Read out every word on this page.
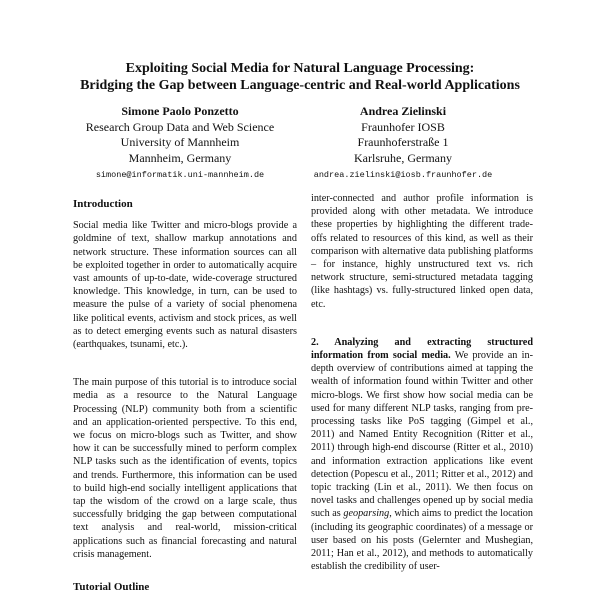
Exploiting Social Media for Natural Language Processing:
Bridging the Gap between Language-centric and Real-world Applications
Simone Paolo Ponzetto
Research Group Data and Web Science
University of Mannheim
Mannheim, Germany
simone@informatik.uni-mannheim.de
Andrea Zielinski
Fraunhofer IOSB
Fraunhoferstraße 1
Karlsruhe, Germany
andrea.zielinski@iosb.fraunhofer.de
Introduction

Social media like Twitter and micro-blogs provide a goldmine of text, shallow markup annotations and network structure. These information sources can all be exploited together in order to automatically acquire vast amounts of up-to-date, wide-coverage structured knowledge. This knowledge, in turn, can be used to measure the pulse of a variety of social phenomena like political events, activism and stock prices, as well as to detect emerging events such as natural disasters (earthquakes, tsunami, etc.).

The main purpose of this tutorial is to introduce social media as a resource to the Natural Language Processing (NLP) community both from a scientific and an application-oriented perspective. To this end, we focus on micro-blogs such as Twitter, and show how it can be successfully mined to perform complex NLP tasks such as the identification of events, topics and trends. Furthermore, this information can be used to build high-end socially intelligent applications that tap the wisdom of the crowd on a large scale, thus successfully bridging the gap between computational text analysis and real-world, mission-critical applications such as financial forecasting and natural crisis management.

Tutorial Outline

inter-connected and author profile information is provided along with other metadata. We introduce these properties by highlighting the different trade-offs related to resources of this kind, as well as their comparison with alternative data publishing platforms – for instance, highly unstructured text vs. rich network structure, semi-structured metadata tagging (like hashtags) vs. fully-structured linked open data, etc.

2. Analyzing and extracting structured information from social media. We provide an in-depth overview of contributions aimed at tapping the wealth of information found within Twitter and other micro-blogs. We first show how social media can be used for many different NLP tasks, ranging from pre-processing tasks like PoS tagging (Gimpel et al., 2011) and Named Entity Recognition (Ritter et al., 2011) through high-end discourse (Ritter et al., 2010) and information extraction applications like event detection (Popescu et al., 2011; Ritter et al., 2012) and topic tracking (Lin et al., 2011). We then focus on novel tasks and challenges opened up by social media such as geoparsing, which aims to predict the location (including its geographic coordinates) of a message or user based on his posts (Gelernter and Mushegian, 2011; Han et al., 2012), and methods to automatically establish the credibility of user-
